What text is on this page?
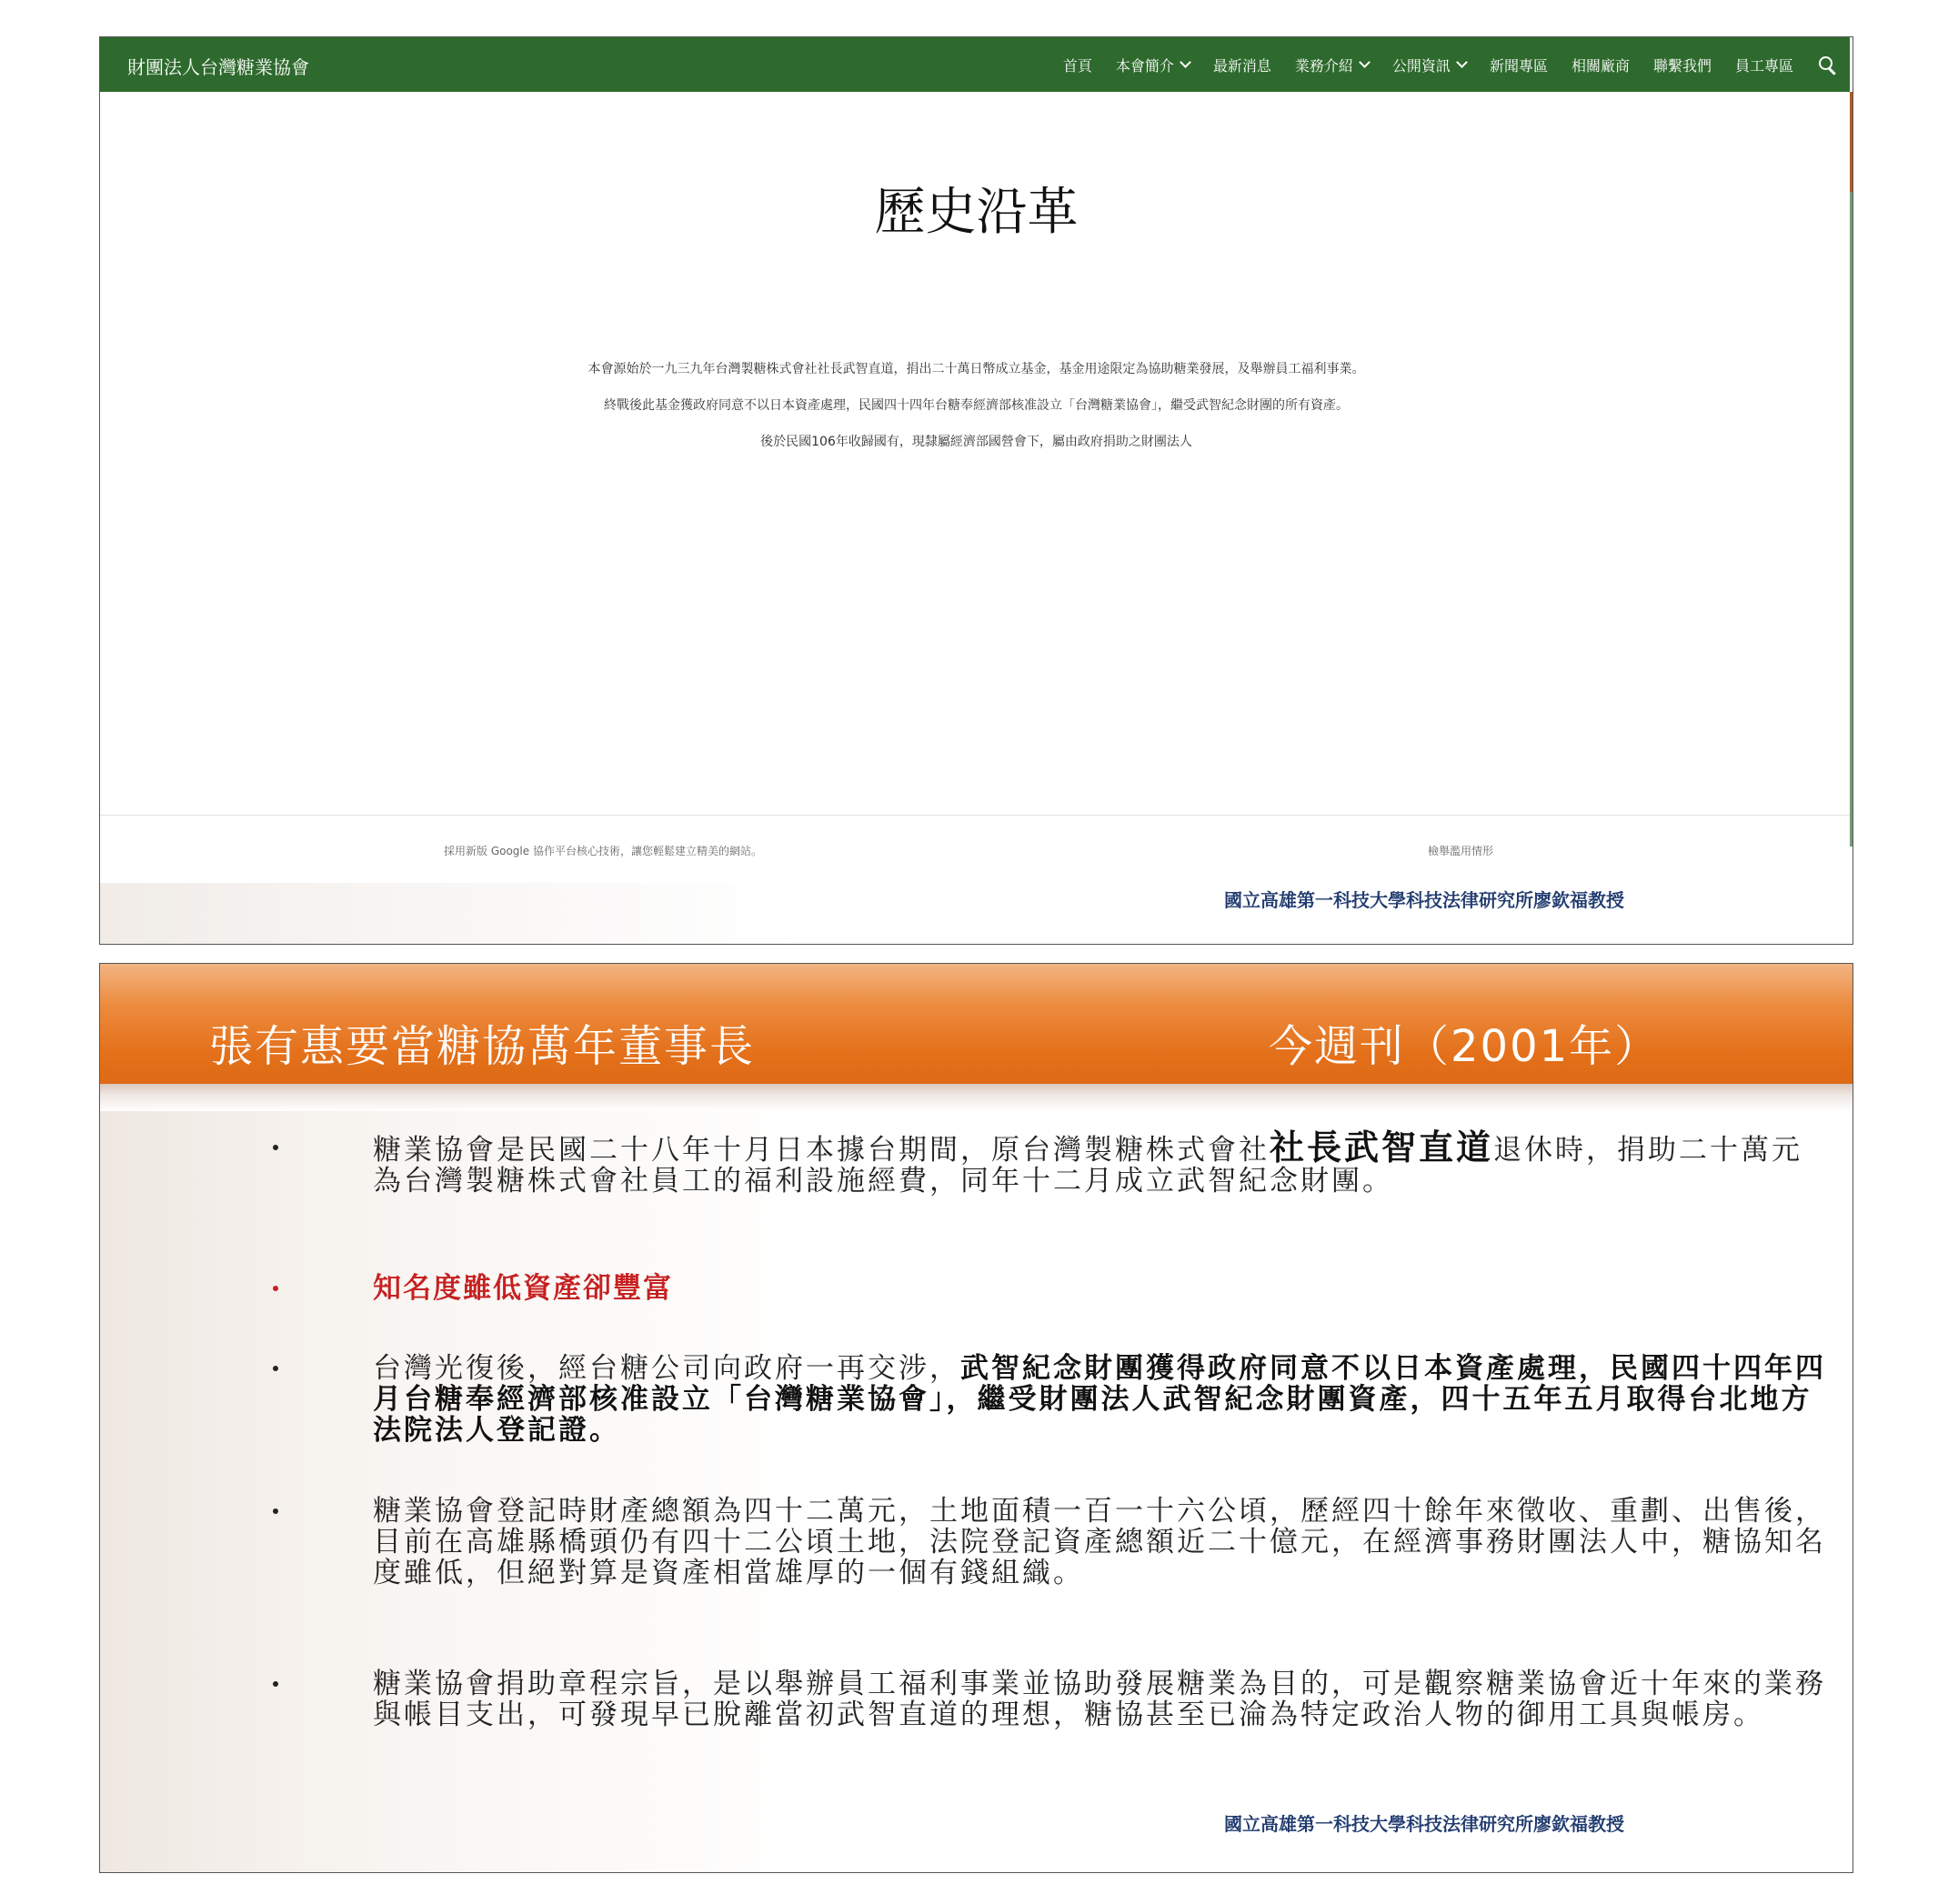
財團法人台灣糖業協會	首頁 本會簡介	最新消息 業務介紹	公開資訊	新聞專區 相關廠商 聯繫我們 員工專區
歷史沿革
本會源始於一九三九年台灣製糖株式會社社長武智直道，捐出二十萬日幣成立基金，基金用途限定為協助糖業發展，及舉辦員工福利事業。
終戰後此基金獲政府同意不以日本資產處理，民國四十四年台糖奉經濟部核准設立「台灣糖業協會」，繼受武智紀念財團的所有資產。
後於民國106年收歸國有，現隸屬經濟部國營會下，屬由政府捐助之財團法人
採用新版 Google 協作平台核心技術，讓您輕鬆建立精美的網站。	檢舉濫用情形
國立高雄第一科技大學科技法律研究所廖欽福教授
張有惠要當糖協萬年董事長	今週刊（2001年）
糖業協會是民國二十八年十月日本據台期間，原台灣製糖株式會社社長武智直道退休時，捐助二十萬元為台灣製糖株式會社員工的福利設施經費，同年十二月成立武智紀念財團。
知名度雖低資產卻豐富
台灣光復後，經台糖公司向政府一再交涉，武智紀念財團獲得政府同意不以日本資產處理，民國四十四年四月台糖奉經濟部核准設立「台灣糖業協會」，繼受財團法人武智紀念財團資產，四十五年五月取得台北地方法院法人登記證。
糖業協會登記時財產總額為四十二萬元，土地面積一百一十六公頃，歷經四十餘年來徵收、重劃、出售後，目前在高雄縣橋頭仍有四十二公頃土地，法院登記資產總額近二十億元，在經濟事務財團法人中，糖協知名度雖低，但絕對算是資產相當雄厚的一個有錢組織。
糖業協會捐助章程宗旨，是以舉辦員工福利事業並協助發展糖業為目的，可是觀察糖業協會近十年來的業務與帳目支出，可發現早已脫離當初武智直道的理想，糖協甚至已淪為特定政治人物的御用工具與帳房。
國立高雄第一科技大學科技法律研究所廖欽福教授
